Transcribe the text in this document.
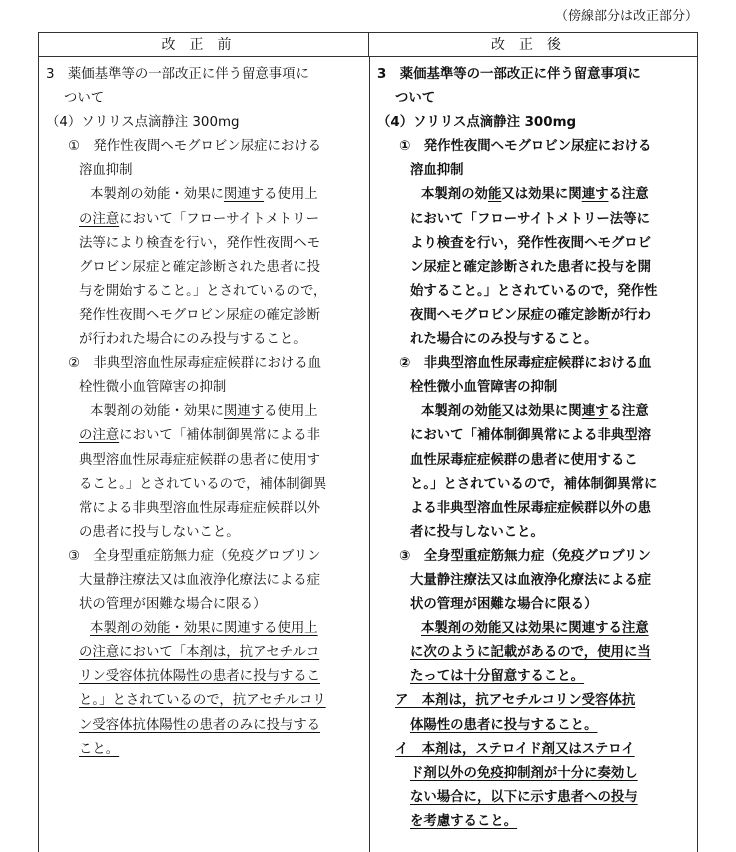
（傍線部分は改正部分）
改正前	改正後

3　薬価基準等の一部改正に伴う留意事項に

ついて

（4）ソリリス点滴静注 300mg

①　発作性夜間ヘモグロビン尿症における

溶血抑制

本製剤の効能・効果に関連する使用上

の注意において「フローサイトメトリー

法等により検査を行い，発作性夜間ヘモ

グロビン尿症と確定診断された患者に投

与を開始すること。」とされているので，

発作性夜間ヘモグロビン尿症の確定診断

が行われた場合にのみ投与すること。

②　非典型溶血性尿毒症症候群における血

栓性微小血管障害の抑制

本製剤の効能・効果に関連する使用上

の注意において「補体制御異常による非

典型溶血性尿毒症症候群の患者に使用す

ること。」とされているので，補体制御異

常による非典型溶血性尿毒症症候群以外

の患者に投与しないこと。

③　全身型重症筋無力症（免疫グロブリン

大量静注療法又は血液浄化療法による症

状の管理が困難な場合に限る）

本製剤の効能・効果に関連する使用上

の注意において「本剤は，抗アセチルコ

リン受容体抗体陽性の患者に投与するこ

と。」とされているので，抗アセチルコリ

ン受容体抗体陽性の患者のみに投与する

こと。

3　薬価基準等の一部改正に伴う留意事項に

ついて

（4）ソリリス点滴静注 300mg

①　発作性夜間ヘモグロビン尿症における

溶血抑制

本製剤の効能又は効果に関連する注意

において「フローサイトメトリー法等に

より検査を行い，発作性夜間ヘモグロビ

ン尿症と確定診断された患者に投与を開

始すること。」とされているので，発作性

夜間ヘモグロビン尿症の確定診断が行わ

れた場合にのみ投与すること。

②　非典型溶血性尿毒症症候群における血

栓性微小血管障害の抑制

本製剤の効能又は効果に関連する注意

において「補体制御異常による非典型溶

血性尿毒症症候群の患者に使用するこ

と。」とされているので，補体制御異常に

よる非典型溶血性尿毒症症候群以外の患

者に投与しないこと。

③　全身型重症筋無力症（免疫グロブリン

大量静注療法又は血液浄化療法による症

状の管理が困難な場合に限る）

本製剤の効能又は効果に関連する注意

に次のように記載があるので，使用に当

たっては十分留意すること。

ア　本剤は，抗アセチルコリン受容体抗

体陽性の患者に投与すること。

イ　本剤は，ステロイド剤又はステロイ

ド剤以外の免疫抑制剤が十分に奏効し

ない場合に，以下に示す患者への投与

を考慮すること。
